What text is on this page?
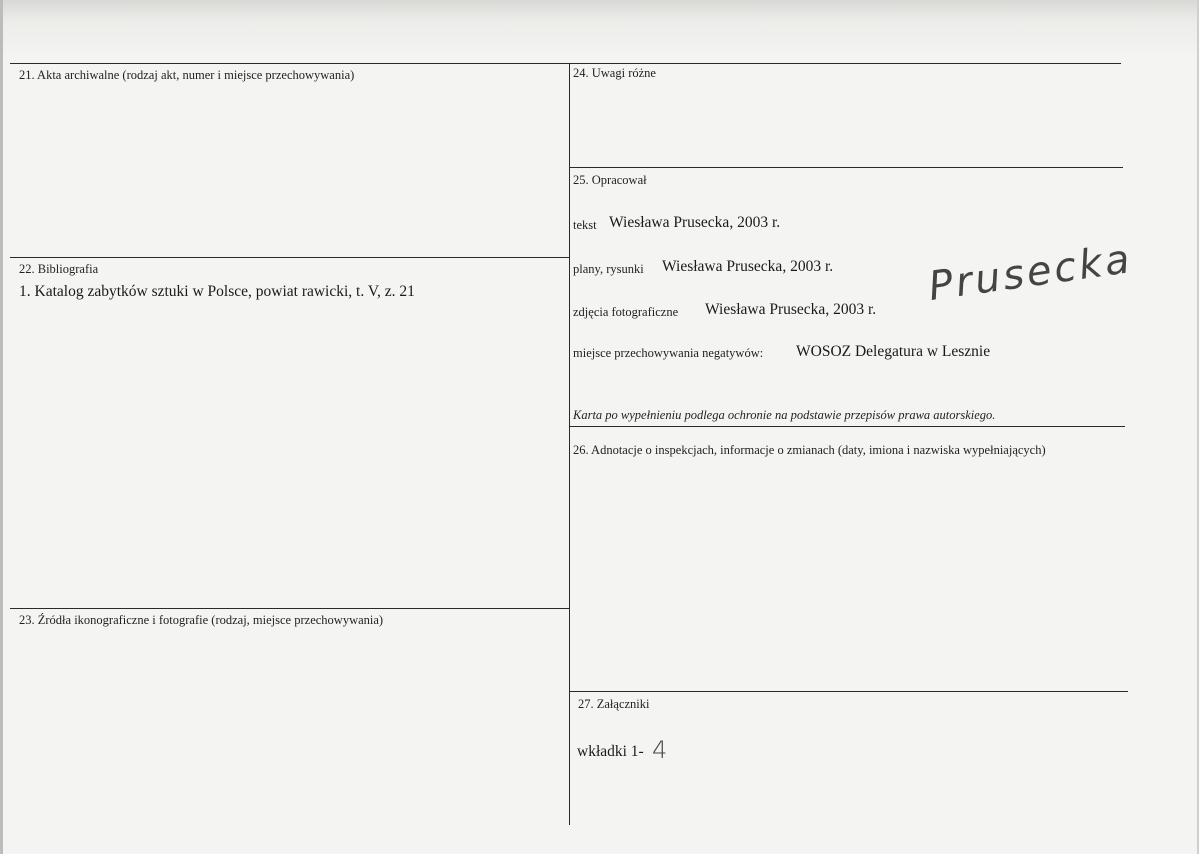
21. Akta archiwalne (rodzaj akt, numer i miejsce przechowywania)
22. Bibliografia
1. Katalog zabytków sztuki w Polsce, powiat rawicki, t. V, z. 21
23. Źródła ikonograficzne i fotografie (rodzaj, miejsce przechowywania)
24. Uwagi różne
25. Opracował
tekst Wiesława Prusecka, 2003 r.
plany, rysunki Wiesława Prusecka, 2003 r.
zdjęcia fotograficzne Wiesława Prusecka, 2003 r.
miejsce przechowywania negatywów: WOSOZ Delegatura w Lesznie
Prusecka
Karta po wypełnieniu podlega ochronie na podstawie przepisów prawa autorskiego.
26. Adnotacje o inspekcjach, informacje o zmianach (daty, imiona i nazwiska wypełniających)
27. Załączniki
wkładki 1- 4
